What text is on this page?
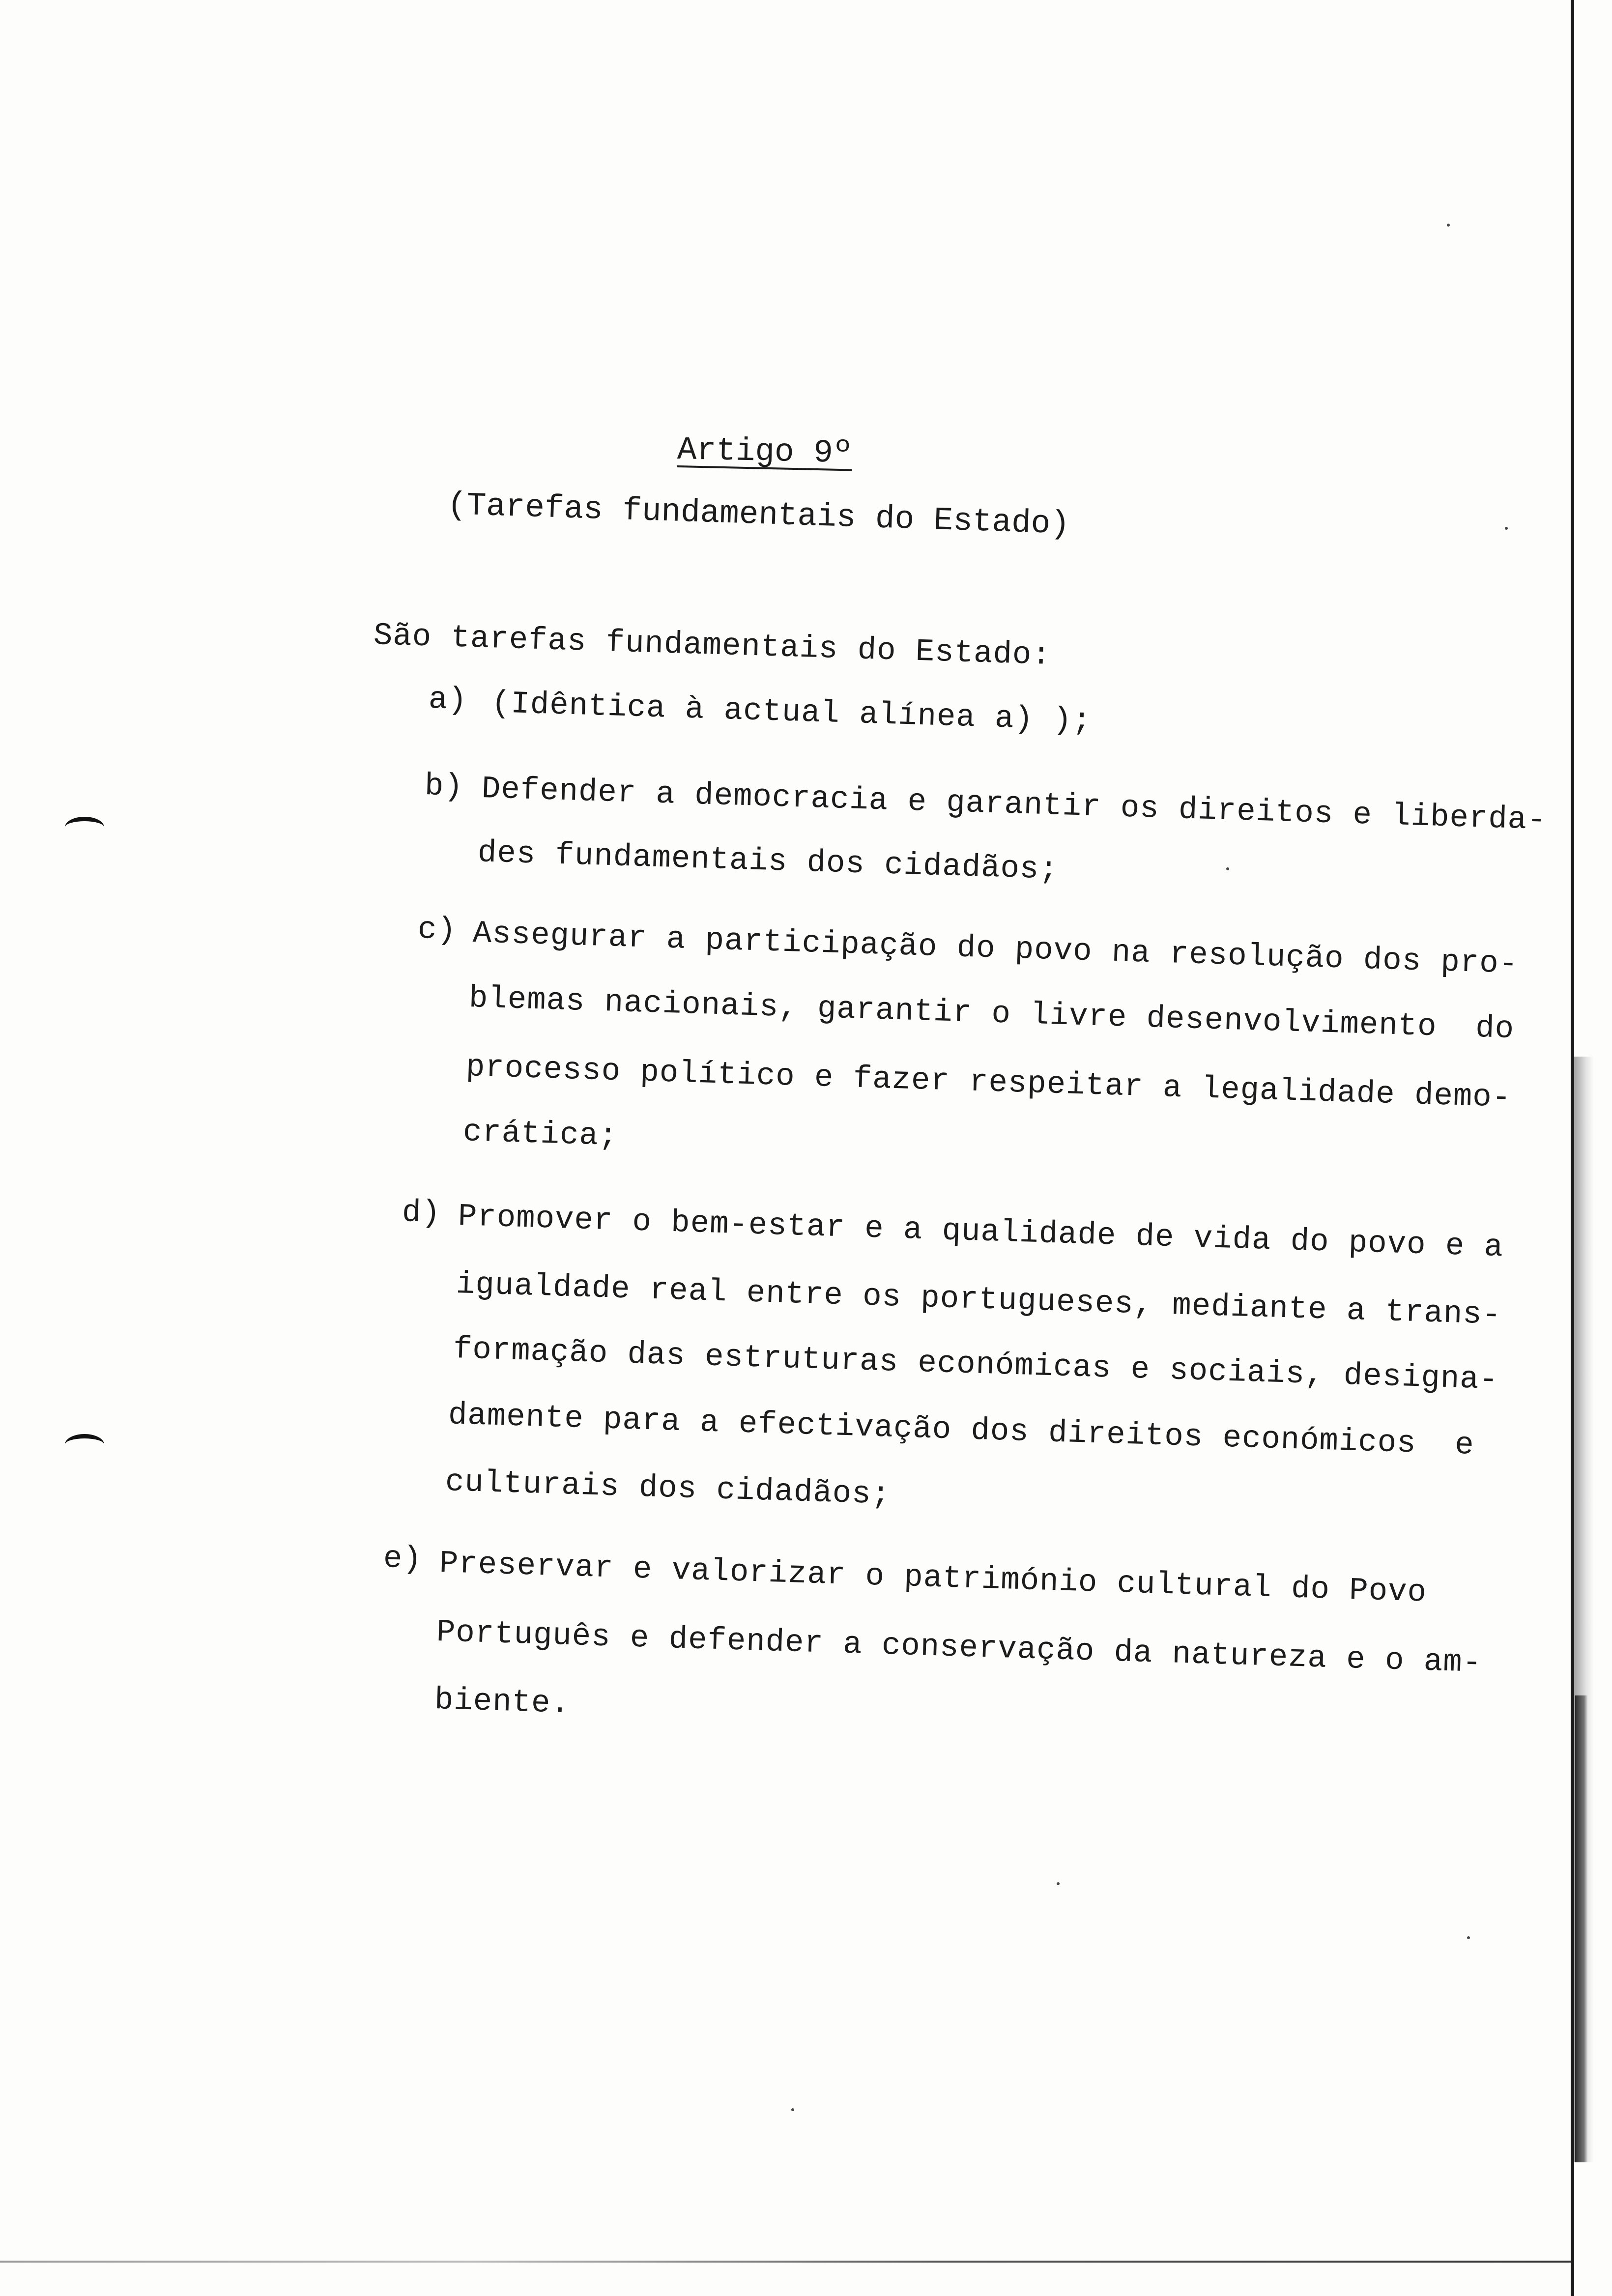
Artigo 9º
(Tarefas fundamentais do Estado)
São tarefas fundamentais do Estado:
a) (Idêntica à actual alínea a) );
b) Defender a democracia e garantir os direitos e liberda-
des fundamentais dos cidadãos;
c) Assegurar a participação do povo na resolução dos pro-
blemas nacionais, garantir o livre desenvolvimento  do
processo político e fazer respeitar a legalidade demo-
crática;
d) Promover o bem-estar e a qualidade de vida do povo e a
igualdade real entre os portugueses, mediante a trans-
formação das estruturas económicas e sociais, designa-
damente para a efectivação dos direitos económicos  e
culturais dos cidadãos;
e) Preservar e valorizar o património cultural do Povo
Português e defender a conservação da natureza e o am-
biente.
